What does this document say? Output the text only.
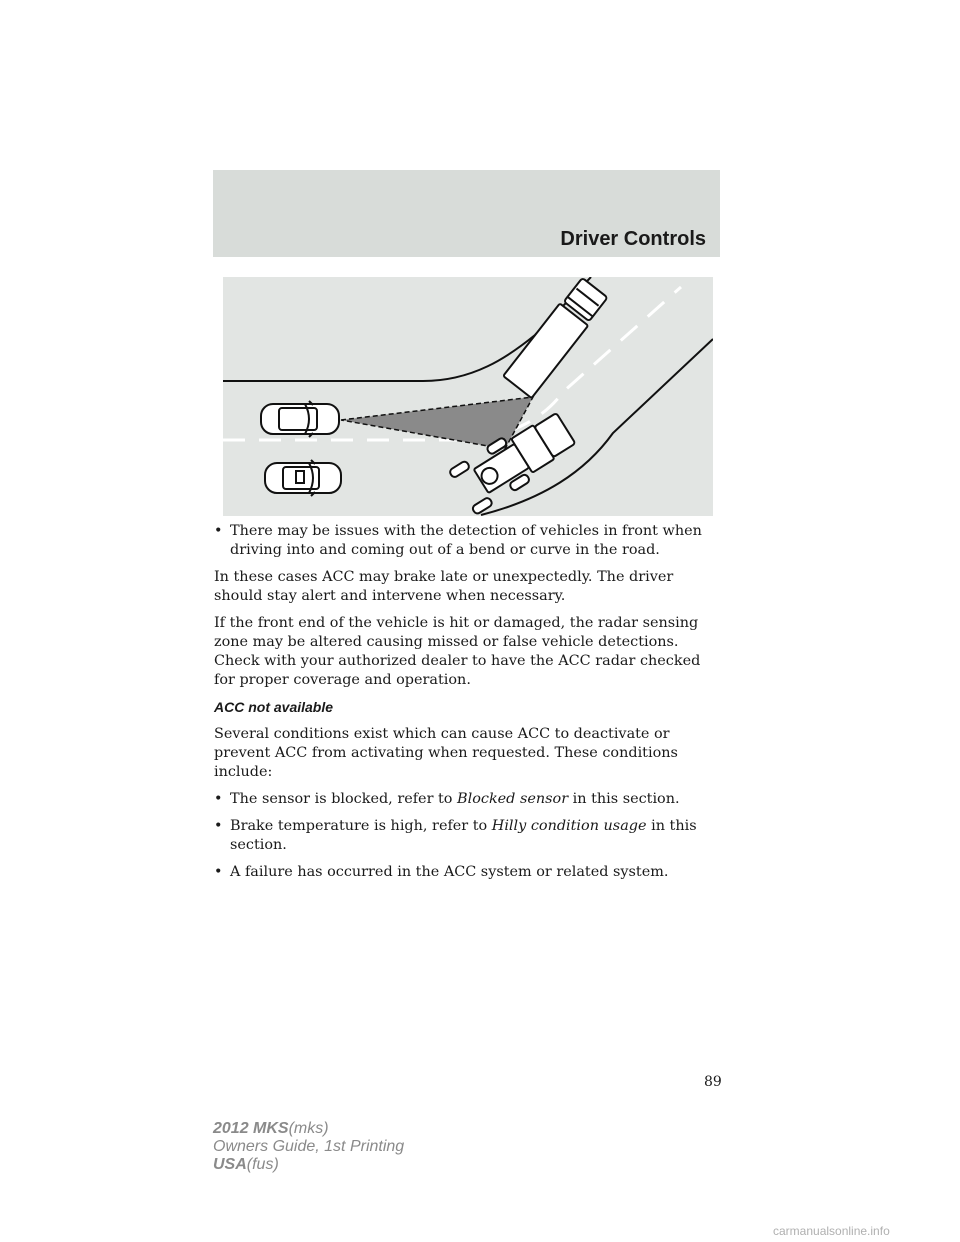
Driver Controls
• There may be issues with the detection of vehicles in front when driving into and coming out of a bend or curve in the road.

In these cases ACC may brake late or unexpectedly. The driver should stay alert and intervene when necessary.

If the front end of the vehicle is hit or damaged, the radar sensing zone may be altered causing missed or false vehicle detections. Check with your authorized dealer to have the ACC radar checked for proper coverage and operation.

ACC not available

Several conditions exist which can cause ACC to deactivate or prevent ACC from activating when requested. These conditions include:

• The sensor is blocked, refer to Blocked sensor in this section.
• Brake temperature is high, refer to Hilly condition usage in this section.
• A failure has occurred in the ACC system or related system.
89
2012 MKS(mks)
Owners Guide, 1st Printing
USA(fus)
carmanualsonline.info
